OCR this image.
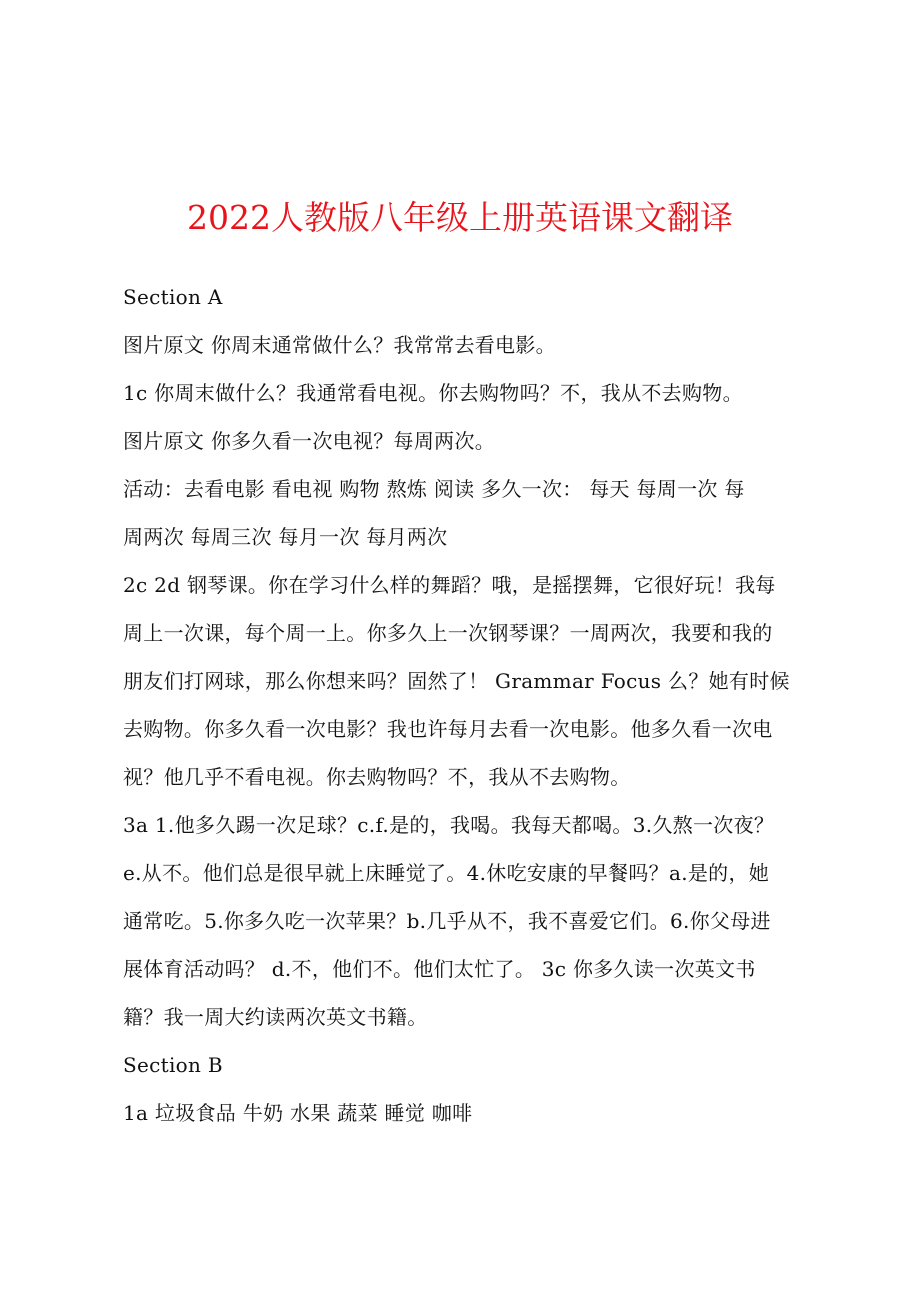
2022人教版八年级上册英语课文翻译
Section A
图片原文 你周末通常做什么？我常常去看电影。
1c 你周末做什么？我通常看电视。你去购物吗？不，我从不去购物。
图片原文 你多久看一次电视？每周两次。
活动：去看电影 看电视 购物 熬炼 阅读 多久一次： 每天 每周一次 每
周两次 每周三次 每月一次 每月两次
2c 2d 钢琴课。你在学习什么样的舞蹈？哦，是摇摆舞，它很好玩！我每
周上一次课，每个周一上。你多久上一次钢琴课？一周两次，我要和我的
朋友们打网球，那么你想来吗？固然了！ Grammar Focus 么？她有时候
去购物。你多久看一次电影？我也许每月去看一次电影。他多久看一次电
视？他几乎不看电视。你去购物吗？不，我从不去购物。
3a 1.他多久踢一次足球？c.f.是的，我喝。我每天都喝。3.久熬一次夜？
e.从不。他们总是很早就上床睡觉了。4.休吃安康的早餐吗？a.是的，她
通常吃。5.你多久吃一次苹果？b.几乎从不，我不喜爱它们。6.你父母进
展体育活动吗？ d.不，他们不。他们太忙了。 3c 你多久读一次英文书
籍？我一周大约读两次英文书籍。
Section B
1a 垃圾食品 牛奶 水果 蔬菜 睡觉 咖啡
